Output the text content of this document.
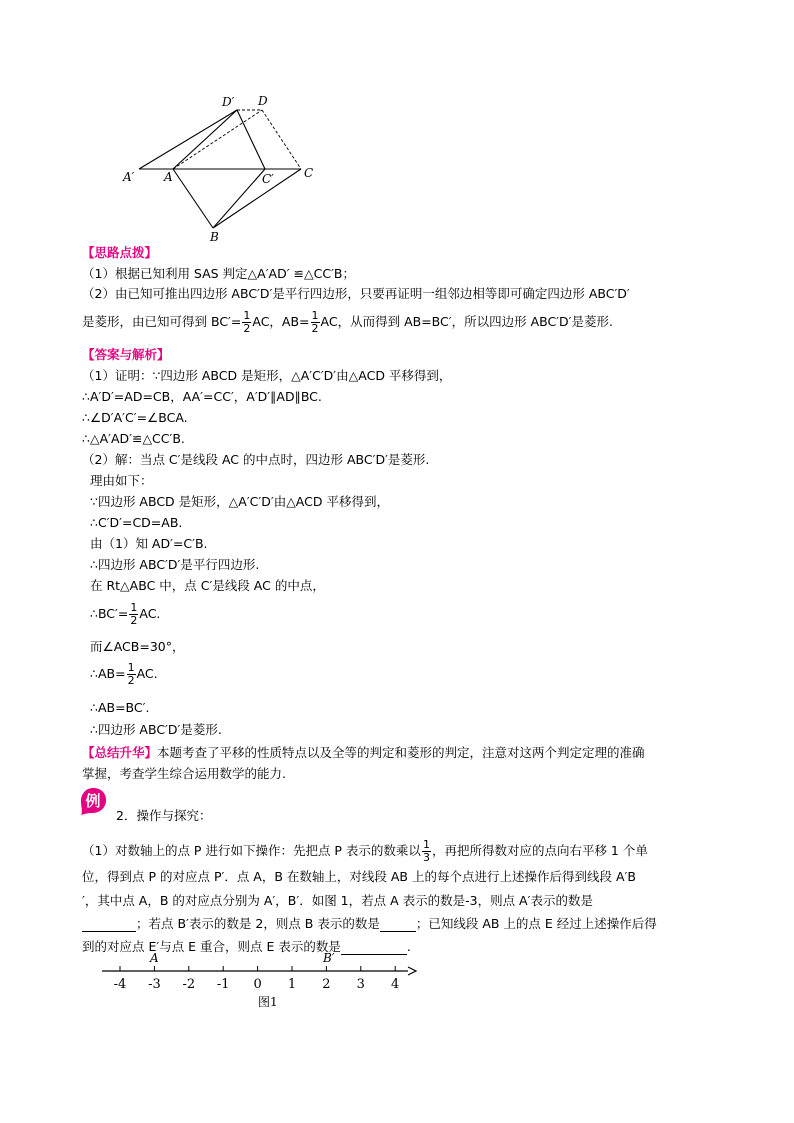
D′ D
A′ A	C′	C
B
【思路点拨】
（1）根据已知利用 SAS 判定△A′AD′ ≌△CC′B；
（2）由已知可推出四边形 ABC′D′是平行四边形，只要再证明一组邻边相等即可确定四边形 ABC′D′
是菱形，由已知可得到 $BC'= \frac{1}{2}$ AC，$AB= \frac{1}{2}$ AC，从而得到 AB=BC′，所以四边形 ABC′D′是菱形.
【答案与解析】
（1）证明：∵四边形 ABCD 是矩形，△A′C′D′由△ACD 平移得到，
∴A′D′=AD=CB，AA′=CC′，A′D′∥AD∥BC.
∴∠D′A′C′=∠BCA.
∴△A′AD′≌△CC′B.
（2）解：当点 C′是线段 AC 的中点时，四边形 ABC′D′是菱形.
理由如下：
∵四边形 ABCD 是矩形，△A′C′D′由△ACD 平移得到，
∴C′D′=CD=AB.
由（1）知 AD′=C′B.
∴四边形 ABC′D′是平行四边形.
在 Rt△ABC 中，点 C′是线段 AC 的中点，
∴BC′= $\frac{1}{2}$ AC.
而∠ACB=30°，
∴AB= $\frac{1}{2}$ AC.
∴AB=BC′.
∴四边形 ABC′D′是菱形.
【总结升华】本题考查了平移的性质特点以及全等的判定和菱形的判定，注意对这两个判定定理的准确
掌握，考查学生综合运用数学的能力.
例
2．操作与探究：
（1）对数轴上的点 P 进行如下操作：先把点 P 表示的数乘以 $\frac{1}{3}$ ，再把所得数对应的点向右平移 1 个单
位，得到点 P 的对应点 P′．点 A，B 在数轴上，对线段 AB 上的每个点进行上述操作后得到线段 A′B
′，其中点 A，B 的对应点分别为 A′，B′．如图 1，若点 A 表示的数是-3，则点 A′表示的数是
；若点 B′表示的数是 2，则点 B 表示的数是	；已知线段 AB 上的点 E 经过上述操作后得
到的对应点 E′与点 E 重合，则点 E 表示的数是	.
-4 -3 -2 -1 0 1 2 3 4
A	B′
图1
